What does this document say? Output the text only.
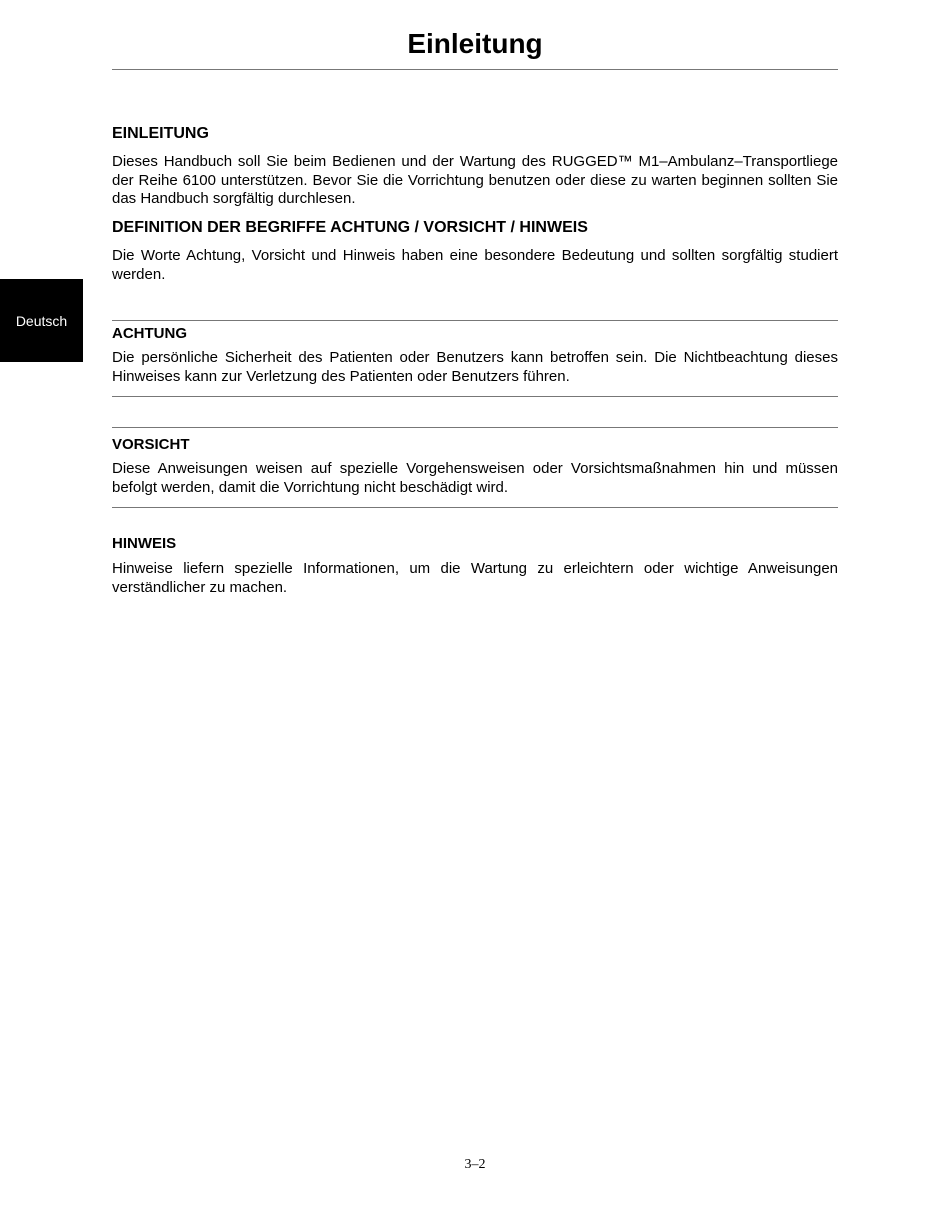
Einleitung
Deutsch
EINLEITUNG

Dieses Handbuch soll Sie beim Bedienen und der Wartung des RUGGED™ M1–Ambulanz–Transportliege der Reihe 6100 unterstützen. Bevor Sie die Vorrichtung benutzen oder diese zu warten beginnen sollten Sie das Handbuch sorgfältig durchlesen.

DEFINITION DER BEGRIFFE ACHTUNG / VORSICHT / HINWEIS

Die Worte Achtung, Vorsicht und Hinweis haben eine besondere Bedeutung und sollten sorgfältig studiert werden.

ACHTUNG

Die persönliche Sicherheit des Patienten oder Benutzers kann betroffen sein. Die Nichtbeachtung dieses Hinweises kann zur Verletzung des Patienten oder Benutzers führen.

VORSICHT

Diese Anweisungen weisen auf spezielle Vorgehensweisen oder Vorsichtsmaßnahmen hin und müssen befolgt werden, damit die Vorrichtung nicht beschädigt wird.

HINWEIS

Hinweise liefern spezielle Informationen, um die Wartung zu erleichtern oder wichtige Anweisungen verständlicher zu machen.

3–2
